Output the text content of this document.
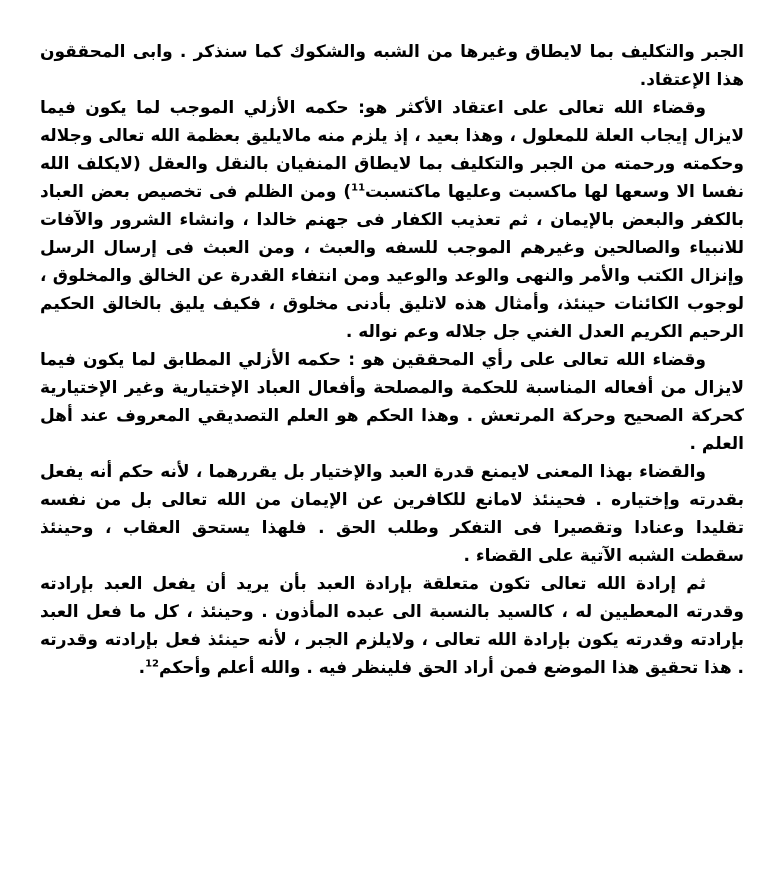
الجبر والتكليف بما لايطاق وغيرها من الشبه والشكوك كما سنذكر . وابى المحققون هذا الإعتقاد.

وقضاء الله تعالى على اعتقاد الأكثر هو: حكمه الأزلي الموجب لما يكون فيما لايزال إيجاب العلة للمعلول ، وهذا بعيد ، إذ يلزم منه مالايليق بعظمة الله تعالى وجلاله وحكمته ورحمته من الجبر والتكليف بما لايطاق المنفيان بالنقل والعقل (لايكلف الله نفسا الا وسعها لها ماكسبت وعليها ماكتسبت$^{11}$) ومن الظلم فى تخصيص بعض العباد بالكفر والبعض بالإيمان ، ثم تعذيب الكفار فى جهنم خالدا ، وانشاء الشرور والآفات للانبياء والصالحين وغيرهم الموجب للسفه والعبث ، ومن العبث فى إرسال الرسل وإنزال الكتب والأمر والنهى والوعد والوعيد ومن انتفاء القدرة عن الخالق والمخلوق ، لوجوب الكائنات حينئذ، وأمثال هذه لاتليق بأدنى مخلوق ، فكيف يليق بالخالق الحكيم الرحيم الكريم العدل الغني جل جلاله وعم نواله .

وقضاء الله تعالى على رأي المحققين هو : حكمه الأزلي المطابق لما يكون فيما لايزال من أفعاله المناسبة للحكمة والمصلحة وأفعال العباد الإختيارية وغير الإختيارية كحركة الصحيح وحركة المرتعش . وهذا الحكم هو العلم التصديقي المعروف عند أهل العلم .

والقضاء بهذا المعنى لايمنع قدرة العبد والإختيار بل يقررهما ، لأنه حكم أنه يفعل بقدرته وإختياره . فحينئذ لامانع للكافرين عن الإيمان من الله تعالى بل من نفسه تقليدا وعنادا وتقصيرا فى التفكر وطلب الحق . فلهذا يستحق العقاب ، وحينئذ سقطت الشبه الآتية على القضاء .

ثم إرادة الله تعالى تكون متعلقة بإرادة العبد بأن يريد أن يفعل العبد بإرادته وقدرته المعطيين له ، كالسيد بالنسبة الى عبده المأذون . وحينئذ ، كل ما فعل العبد بإرادته وقدرته يكون بإرادة الله تعالى ، ولايلزم الجبر ، لأنه حينئذ فعل بإرادته وقدرته . هذا تحقيق هذا الموضع فمن أراد الحق فلينظر فيه . والله أعلم وأحكم$^{12}$.
